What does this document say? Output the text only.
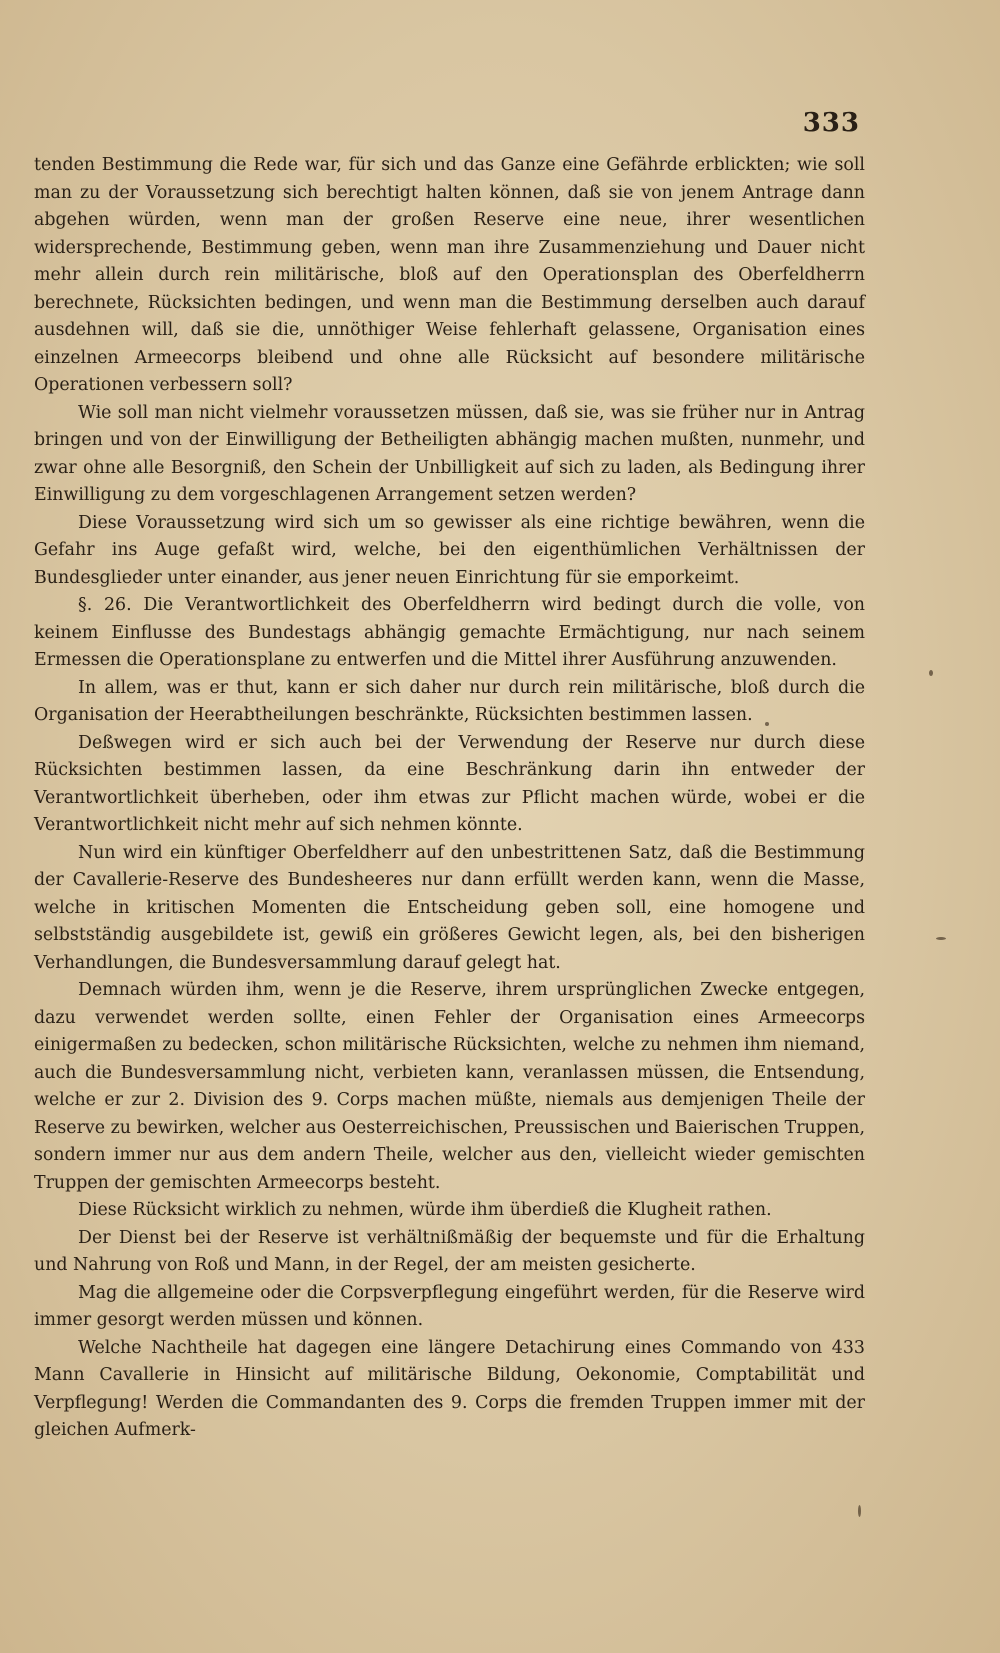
333

tenden Bestimmung die Rede war, für sich und das Ganze eine Gefährde erblickten; wie soll man zu der Voraussetzung sich berechtigt halten können, daß sie von jenem Antrage dann abgehen würden, wenn man der großen Reserve eine neue, ihrer wesentlichen widersprechende, Bestimmung geben, wenn man ihre Zusammenziehung und Dauer nicht mehr allein durch rein militärische, bloß auf den Operationsplan des Oberfeldherrn berechnete, Rücksichten bedingen, und wenn man die Bestimmung derselben auch darauf ausdehnen will, daß sie die, unnöthiger Weise fehlerhaft gelassene, Organisation eines einzelnen Armeecorps bleibend und ohne alle Rücksicht auf besondere militärische Operationen verbessern soll?

Wie soll man nicht vielmehr voraussetzen müssen, daß sie, was sie früher nur in Antrag bringen und von der Einwilligung der Betheiligten abhängig machen mußten, nunmehr, und zwar ohne alle Besorgniß, den Schein der Unbilligkeit auf sich zu laden, als Bedingung ihrer Einwilligung zu dem vorgeschlagenen Arrangement setzen werden?

Diese Voraussetzung wird sich um so gewisser als eine richtige bewähren, wenn die Gefahr ins Auge gefaßt wird, welche, bei den eigenthümlichen Verhältnissen der Bundesglieder unter einander, aus jener neuen Einrichtung für sie emporkeimt.

§. 26. Die Verantwortlichkeit des Oberfeldherrn wird bedingt durch die volle, von keinem Einflusse des Bundestags abhängig gemachte Ermächtigung, nur nach seinem Ermessen die Operationsplane zu entwerfen und die Mittel ihrer Ausführung anzuwenden.

In allem, was er thut, kann er sich daher nur durch rein militärische, bloß durch die Organisation der Heerabtheilungen beschränkte, Rücksichten bestimmen lassen.

Deßwegen wird er sich auch bei der Verwendung der Reserve nur durch diese Rücksichten bestimmen lassen, da eine Beschränkung darin ihn entweder der Verantwortlichkeit überheben, oder ihm etwas zur Pflicht machen würde, wobei er die Verantwortlichkeit nicht mehr auf sich nehmen könnte.

Nun wird ein künftiger Oberfeldherr auf den unbestrittenen Satz, daß die Bestimmung der Cavallerie-Reserve des Bundesheeres nur dann erfüllt werden kann, wenn die Masse, welche in kritischen Momenten die Entscheidung geben soll, eine homogene und selbstständig ausgebildete ist, gewiß ein größeres Gewicht legen, als, bei den bisherigen Verhandlungen, die Bundesversammlung darauf gelegt hat.

Demnach würden ihm, wenn je die Reserve, ihrem ursprünglichen Zwecke entgegen, dazu verwendet werden sollte, einen Fehler der Organisation eines Armeecorps einigermaßen zu bedecken, schon militärische Rücksichten, welche zu nehmen ihm niemand, auch die Bundesversammlung nicht, verbieten kann, veranlassen müssen, die Entsendung, welche er zur 2. Division des 9. Corps machen müßte, niemals aus demjenigen Theile der Reserve zu bewirken, welcher aus Oesterreichischen, Preussischen und Baierischen Truppen, sondern immer nur aus dem andern Theile, welcher aus den, vielleicht wieder gemischten Truppen der gemischten Armeecorps besteht.

Diese Rücksicht wirklich zu nehmen, würde ihm überdieß die Klugheit rathen.

Der Dienst bei der Reserve ist verhältnißmäßig der bequemste und für die Erhaltung und Nahrung von Roß und Mann, in der Regel, der am meisten gesicherte.

Mag die allgemeine oder die Corpsverpflegung eingeführt werden, für die Reserve wird immer gesorgt werden müssen und können.

Welche Nachtheile hat dagegen eine längere Detachirung eines Commando von 433 Mann Cavallerie in Hinsicht auf militärische Bildung, Oekonomie, Comptabilität und Verpflegung! Werden die Commandanten des 9. Corps die fremden Truppen immer mit der gleichen Aufmerk-
